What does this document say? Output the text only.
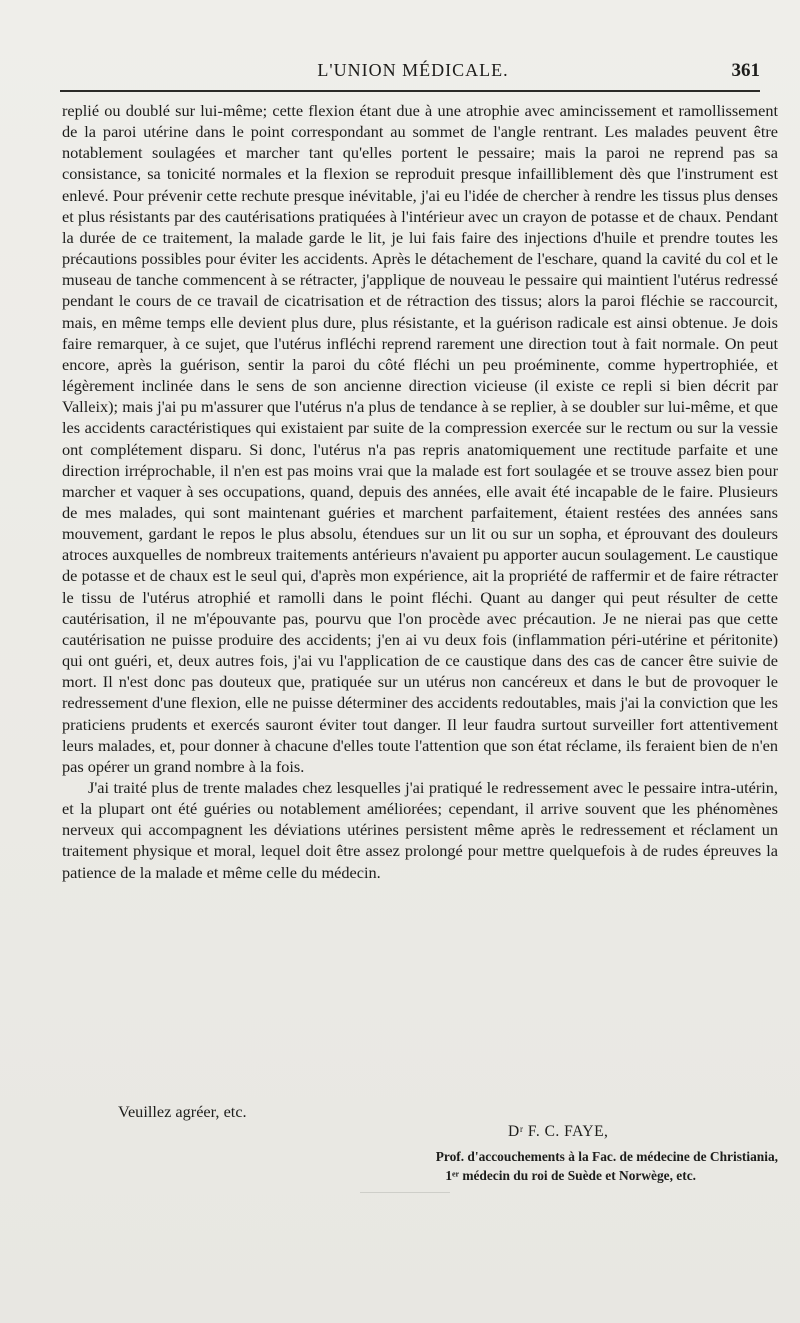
L'UNION MÉDICALE.	361

replié ou doublé sur lui-même; cette flexion étant due à une atrophie avec amincissement et ramollissement de la paroi utérine dans le point correspondant au sommet de l'angle rentrant. Les malades peuvent être notablement soulagées et marcher tant qu'elles portent le pessaire; mais la paroi ne reprend pas sa consistance, sa tonicité normales et la flexion se reproduit presque infailliblement dès que l'instrument est enlevé. Pour prévenir cette rechute presque inévitable, j'ai eu l'idée de chercher à rendre les tissus plus denses et plus résistants par des cautérisations pratiquées à l'intérieur avec un crayon de potasse et de chaux. Pendant la durée de ce traitement, la malade garde le lit, je lui fais faire des injections d'huile et prendre toutes les précautions possibles pour éviter les accidents. Après le détachement de l'eschare, quand la cavité du col et le museau de tanche commencent à se rétracter, j'applique de nouveau le pessaire qui maintient l'utérus redressé pendant le cours de ce travail de cicatrisation et de rétraction des tissus; alors la paroi fléchie se raccourcit, mais, en même temps elle devient plus dure, plus résistante, et la guérison radicale est ainsi obtenue. Je dois faire remarquer, à ce sujet, que l'utérus infléchi reprend rarement une direction tout à fait normale. On peut encore, après la guérison, sentir la paroi du côté fléchi un peu proéminente, comme hypertrophiée, et légèrement inclinée dans le sens de son ancienne direction vicieuse (il existe ce repli si bien décrit par Valleix); mais j'ai pu m'assurer que l'utérus n'a plus de tendance à se replier, à se doubler sur lui-même, et que les accidents caractéristiques qui existaient par suite de la compression exercée sur le rectum ou sur la vessie ont complétement disparu. Si donc, l'utérus n'a pas repris anatomiquement une rectitude parfaite et une direction irréprochable, il n'en est pas moins vrai que la malade est fort soulagée et se trouve assez bien pour marcher et vaquer à ses occupations, quand, depuis des années, elle avait été incapable de le faire. Plusieurs de mes malades, qui sont maintenant guéries et marchent parfaitement, étaient restées des années sans mouvement, gardant le repos le plus absolu, étendues sur un lit ou sur un sopha, et éprouvant des douleurs atroces auxquelles de nombreux traitements antérieurs n'avaient pu apporter aucun soulagement. Le caustique de potasse et de chaux est le seul qui, d'après mon expérience, ait la propriété de raffermir et de faire rétracter le tissu de l'utérus atrophié et ramolli dans le point fléchi. Quant au danger qui peut résulter de cette cautérisation, il ne m'épouvante pas, pourvu que l'on procède avec précaution. Je ne nierai pas que cette cautérisation ne puisse produire des accidents; j'en ai vu deux fois (inflammation péri-utérine et péritonite) qui ont guéri, et, deux autres fois, j'ai vu l'application de ce caustique dans des cas de cancer être suivie de mort. Il n'est donc pas douteux que, pratiquée sur un utérus non cancéreux et dans le but de provoquer le redressement d'une flexion, elle ne puisse déterminer des accidents redoutables, mais j'ai la conviction que les praticiens prudents et exercés sauront éviter tout danger. Il leur faudra surtout surveiller fort attentivement leurs malades, et, pour donner à chacune d'elles toute l'attention que son état réclame, ils feraient bien de n'en pas opérer un grand nombre à la fois.

J'ai traité plus de trente malades chez lesquelles j'ai pratiqué le redressement avec le pessaire intra-utérin, et la plupart ont été guéries ou notablement améliorées; cependant, il arrive souvent que les phénomènes nerveux qui accompagnent les déviations utérines persistent même après le redressement et réclament un traitement physique et moral, lequel doit être assez prolongé pour mettre quelquefois à de rudes épreuves la patience de la malade et même celle du médecin.

Veuillez agréer, etc.
Dʳ F. C. FAYE,
Prof. d'accouchements à la Fac. de médecine de Christiania,
1ᵉʳ médecin du roi de Suède et Norwège, etc.
